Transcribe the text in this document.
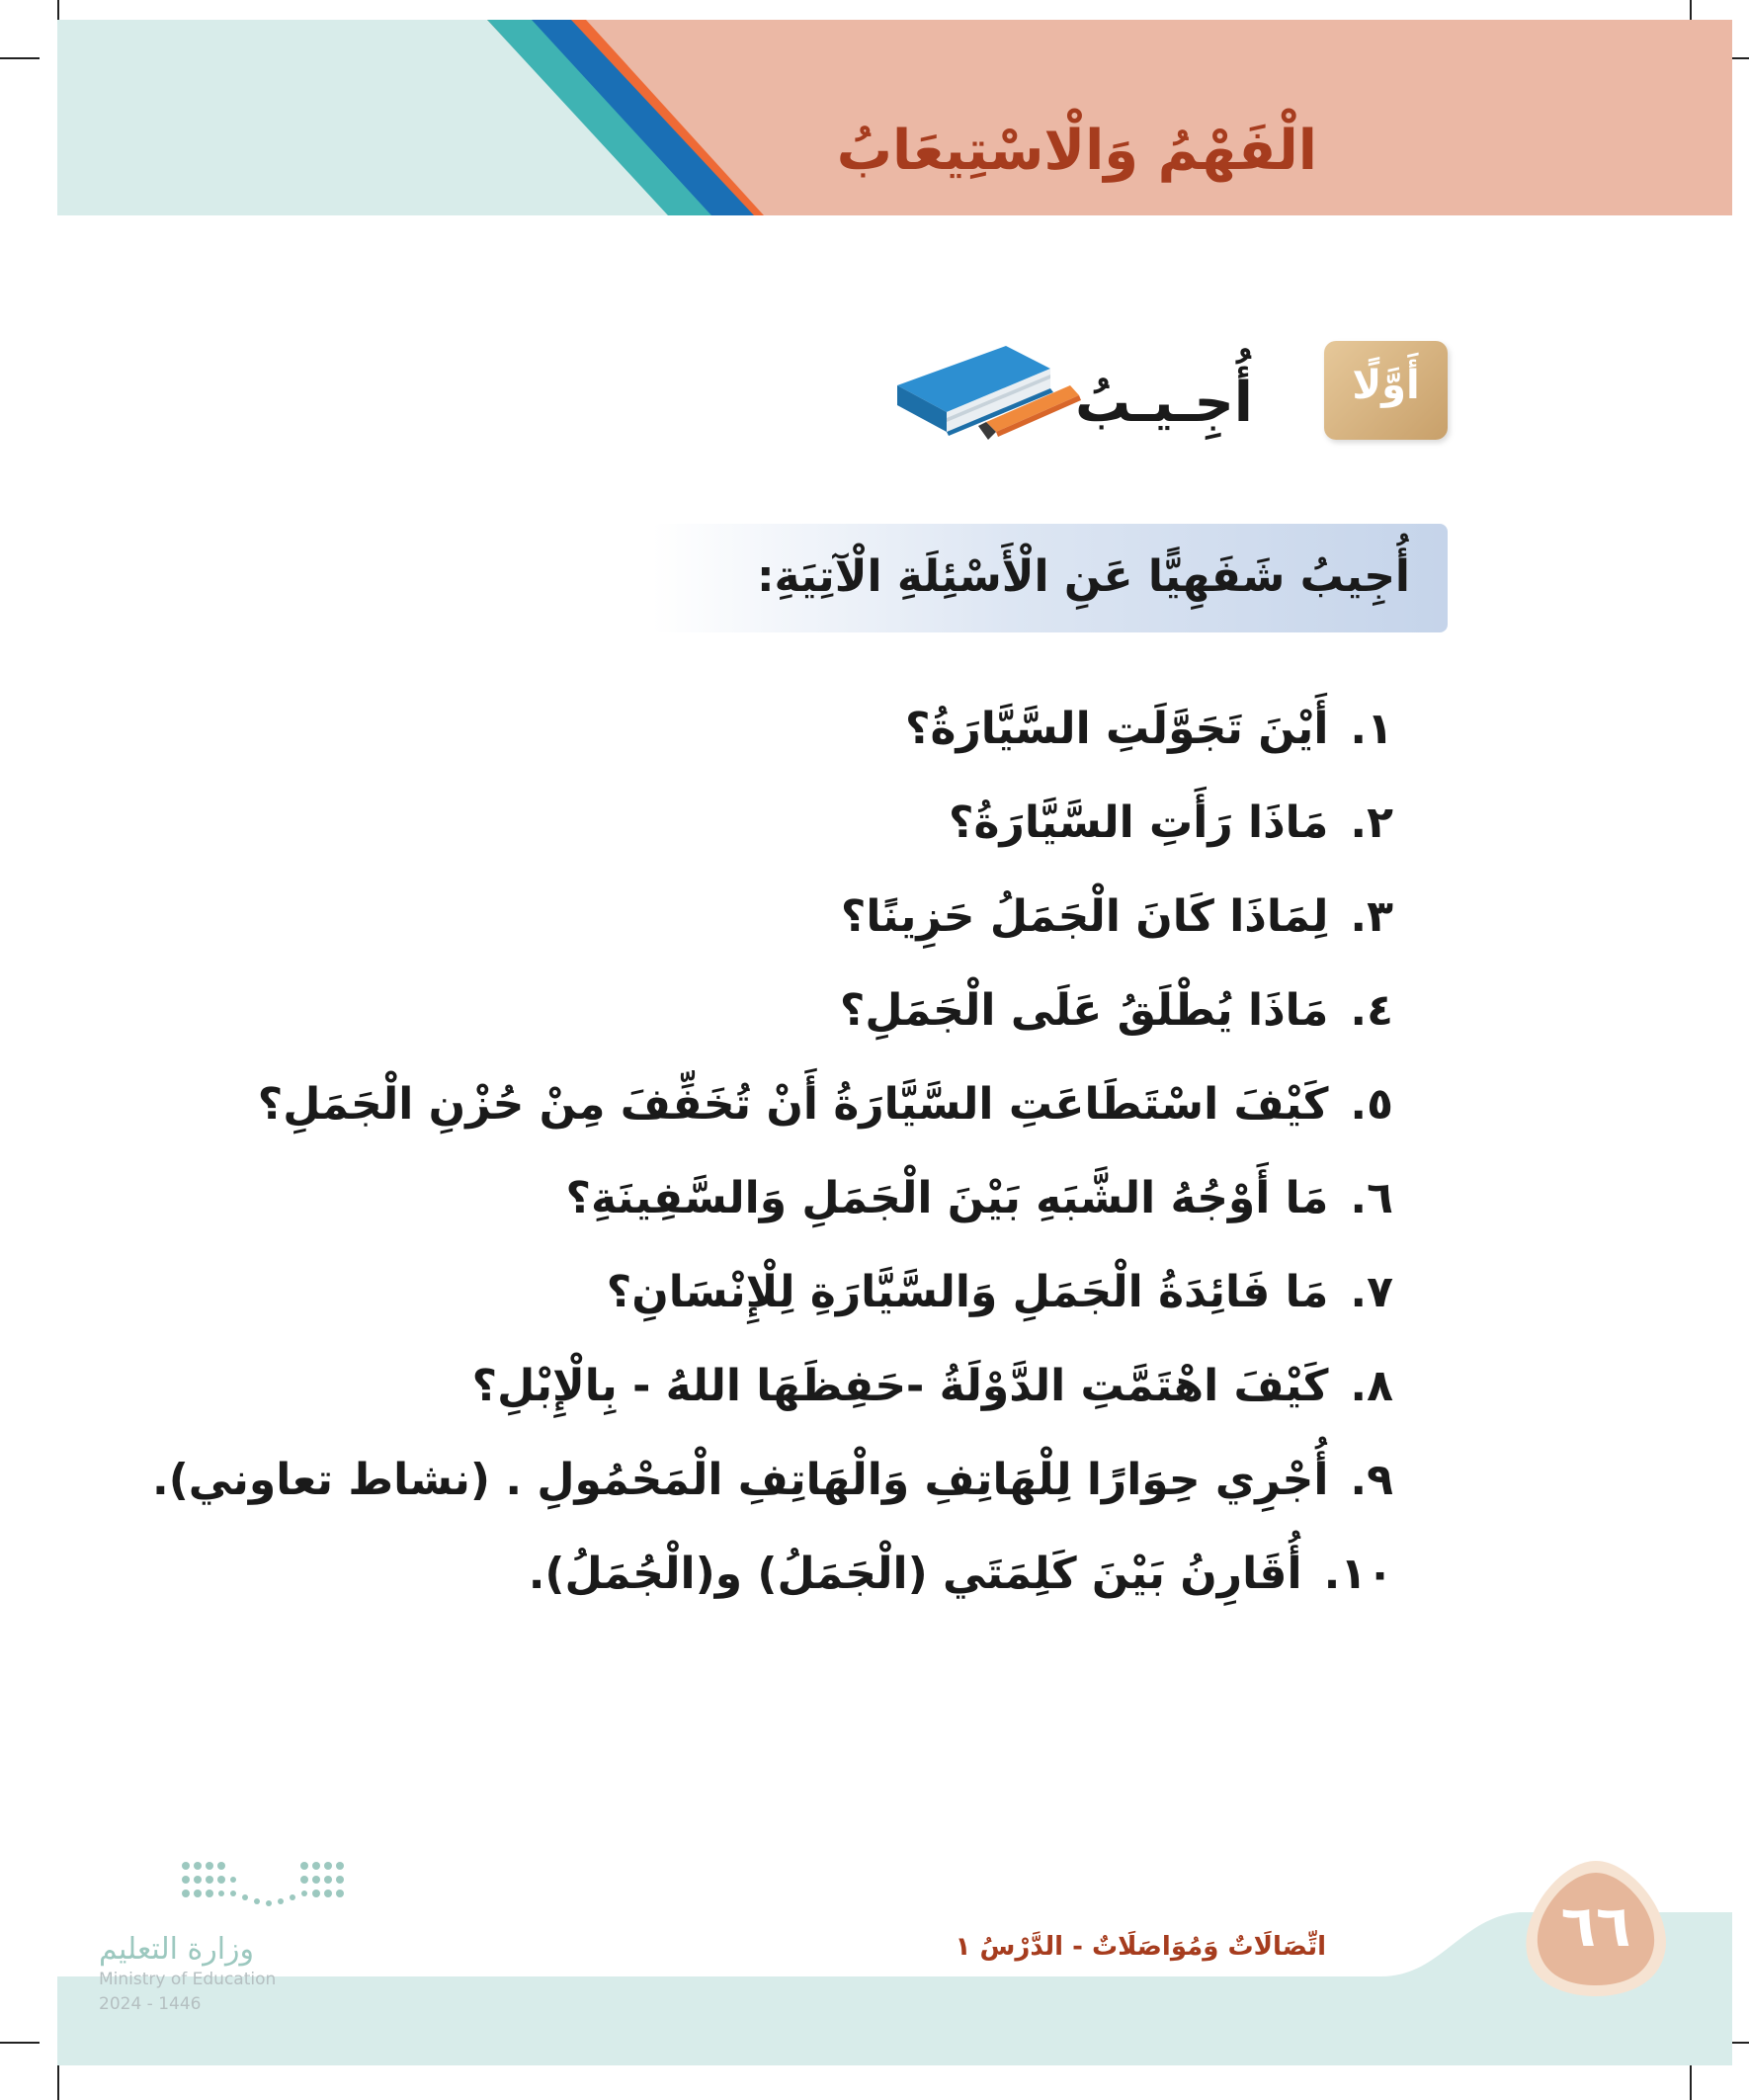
الْفَهْمُ وَالْاسْتِيعَابُ
أَوَّلًا
أُجِـيـبُ
أُجِيبُ شَفَهِيًّا عَنِ الْأَسْئِلَةِ الْآتِيَةِ:
١.
أَيْنَ تَجَوَّلَتِ السَّيَّارَةُ؟
٢.
مَاذَا رَأَتِ السَّيَّارَةُ؟
٣.
لِمَاذَا كَانَ الْجَمَلُ حَزِينًا؟
٤.
مَاذَا يُطْلَقُ عَلَى الْجَمَلِ؟
٥.
كَيْفَ اسْتَطَاعَتِ السَّيَّارَةُ أَنْ تُخَفِّفَ مِنْ حُزْنِ الْجَمَلِ؟
٦.
مَا أَوْجُهُ الشَّبَهِ بَيْنَ الْجَمَلِ وَالسَّفِينَةِ؟
٧.
مَا فَائِدَةُ الْجَمَلِ وَالسَّيَّارَةِ لِلْإِنْسَانِ؟
٨.
كَيْفَ اهْتَمَّتِ الدَّوْلَةُ -حَفِظَهَا اللهُ - بِالْإِبْلِ؟
٩.
أُجْرِي حِوَارًا لِلْهَاتِفِ وَالْهَاتِفِ الْمَحْمُولِ . (نشاط تعاوني).
١٠.
أُقَارِنُ بَيْنَ كَلِمَتَي (الْجَمَلُ) و(الْجُمَلُ).
٦٦
اتِّصَالَاتٌ وَمُوَاصَلَاتٌ - الدَّرْسُ ١
وزارة التعليم
Ministry of Education
2024 - 1446
